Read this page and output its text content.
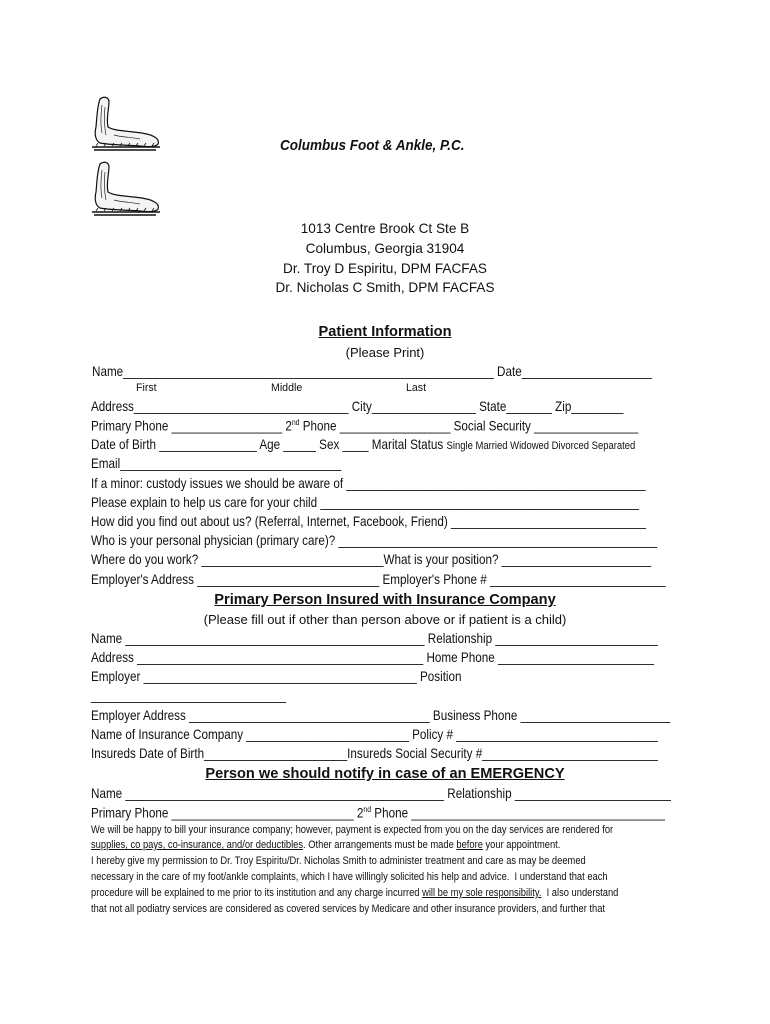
Columbus Foot & Ankle, P.C.
1013 Centre Brook Ct Ste B
Columbus, Georgia 31904
Dr. Troy D Espiritu, DPM FACFAS
Dr. Nicholas C Smith, DPM FACFAS
Patient Information
(Please Print)
Name_________________________________________________________ Date____________________
First	Middle	Last
Address_________________________________ City________________ State_______ Zip________
Primary Phone _________________ 2nd Phone _________________ Social Security ________________
Date of Birth _______________ Age _____ Sex ____ Marital Status Single Married Widowed Divorced Separated
Email__________________________________
If a minor: custody issues we should be aware of ______________________________________________
Please explain to help us care for your child _________________________________________________
How did you find out about us? (Referral, Internet, Facebook, Friend) ______________________________
Who is your personal physician (primary care)? _________________________________________________
Where do you work? ____________________________What is your position? _______________________
Employer's Address ____________________________ Employer's Phone # ___________________________
Primary Person Insured with Insurance Company
(Please fill out if other than person above or if patient is a child)
Name ______________________________________________ Relationship _________________________
Address ____________________________________________ Home Phone ________________________
Employer __________________________________________ Position
______________________________
Employer Address _____________________________________ Business Phone _______________________
Name of Insurance Company _________________________ Policy # _______________________________
Insureds Date of Birth______________________Insureds Social Security #___________________________
Person we should notify in case of an EMERGENCY
Name _________________________________________________ Relationship ________________________
Primary Phone ____________________________ 2nd Phone _______________________________________
We will be happy to bill your insurance company; however, payment is expected from you on the day services are rendered for
supplies, co pays, co-insurance, and/or deductibles. Other arrangements must be made before your appointment.
I hereby give my permission to Dr. Troy Espiritu/Dr. Nicholas Smith to administer treatment and care as may be deemed
necessary in the care of my foot/ankle complaints, which I have willingly solicited his help and advice.  I understand that each
procedure will be explained to me prior to its institution and any charge incurred will be my sole responsibility.  I also understand
that not all podiatry services are considered as covered services by Medicare and other insurance providers, and further that
